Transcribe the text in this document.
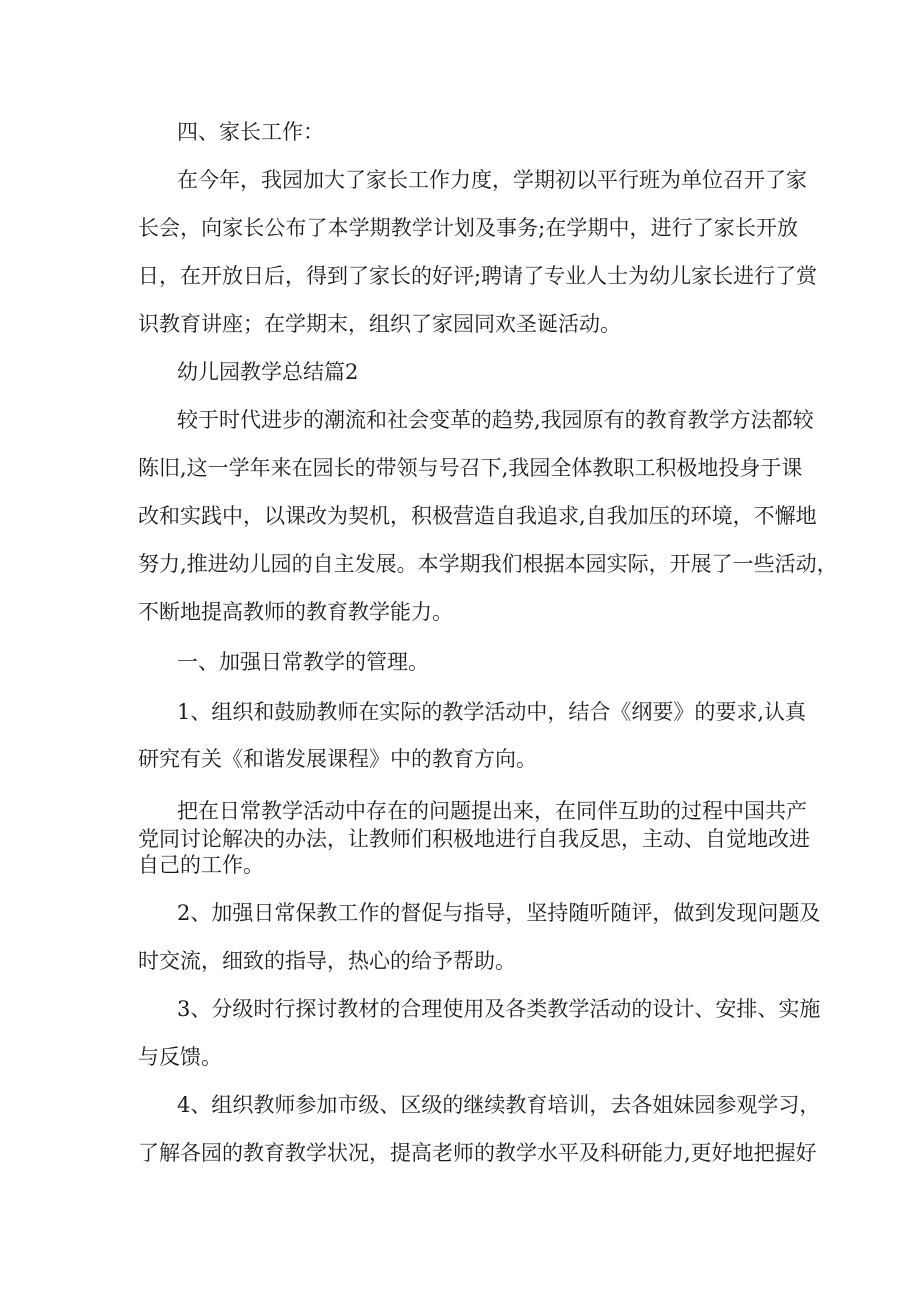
四、家长工作：
在今年，我园加大了家长工作力度，学期初以平行班为单位召开了家
长会，向家长公布了本学期教学计划及事务;在学期中，进行了家长开放
日，在开放日后，得到了家长的好评;聘请了专业人士为幼儿家长进行了赏
识教育讲座；在学期末，组织了家园同欢圣诞活动。
幼儿园教学总结篇2
较于时代进步的潮流和社会变革的趋势,我园原有的教育教学方法都较
陈旧,这一学年来在园长的带领与号召下,我园全体教职工积极地投身于课
改和实践中，以课改为契机，积极营造自我追求,自我加压的环境，不懈地
努力,推进幼儿园的自主发展。本学期我们根据本园实际，开展了一些活动，
不断地提高教师的教育教学能力。
一、加强日常教学的管理。
1、组织和鼓励教师在实际的教学活动中，结合《纲要》的要求,认真
研究有关《和谐发展课程》中的教育方向。
把在日常教学活动中存在的问题提出来，在同伴互助的过程中国共产
党同讨论解决的办法，让教师们积极地进行自我反思，主动、自觉地改进
自己的工作。
2、加强日常保教工作的督促与指导，坚持随听随评，做到发现问题及
时交流，细致的指导，热心的给予帮助。
3、分级时行探讨教材的合理使用及各类教学活动的设计、安排、实施
与反馈。
4、组织教师参加市级、区级的继续教育培训，去各姐妹园参观学习，
了解各园的教育教学状况，提高老师的教学水平及科研能力,更好地把握好
